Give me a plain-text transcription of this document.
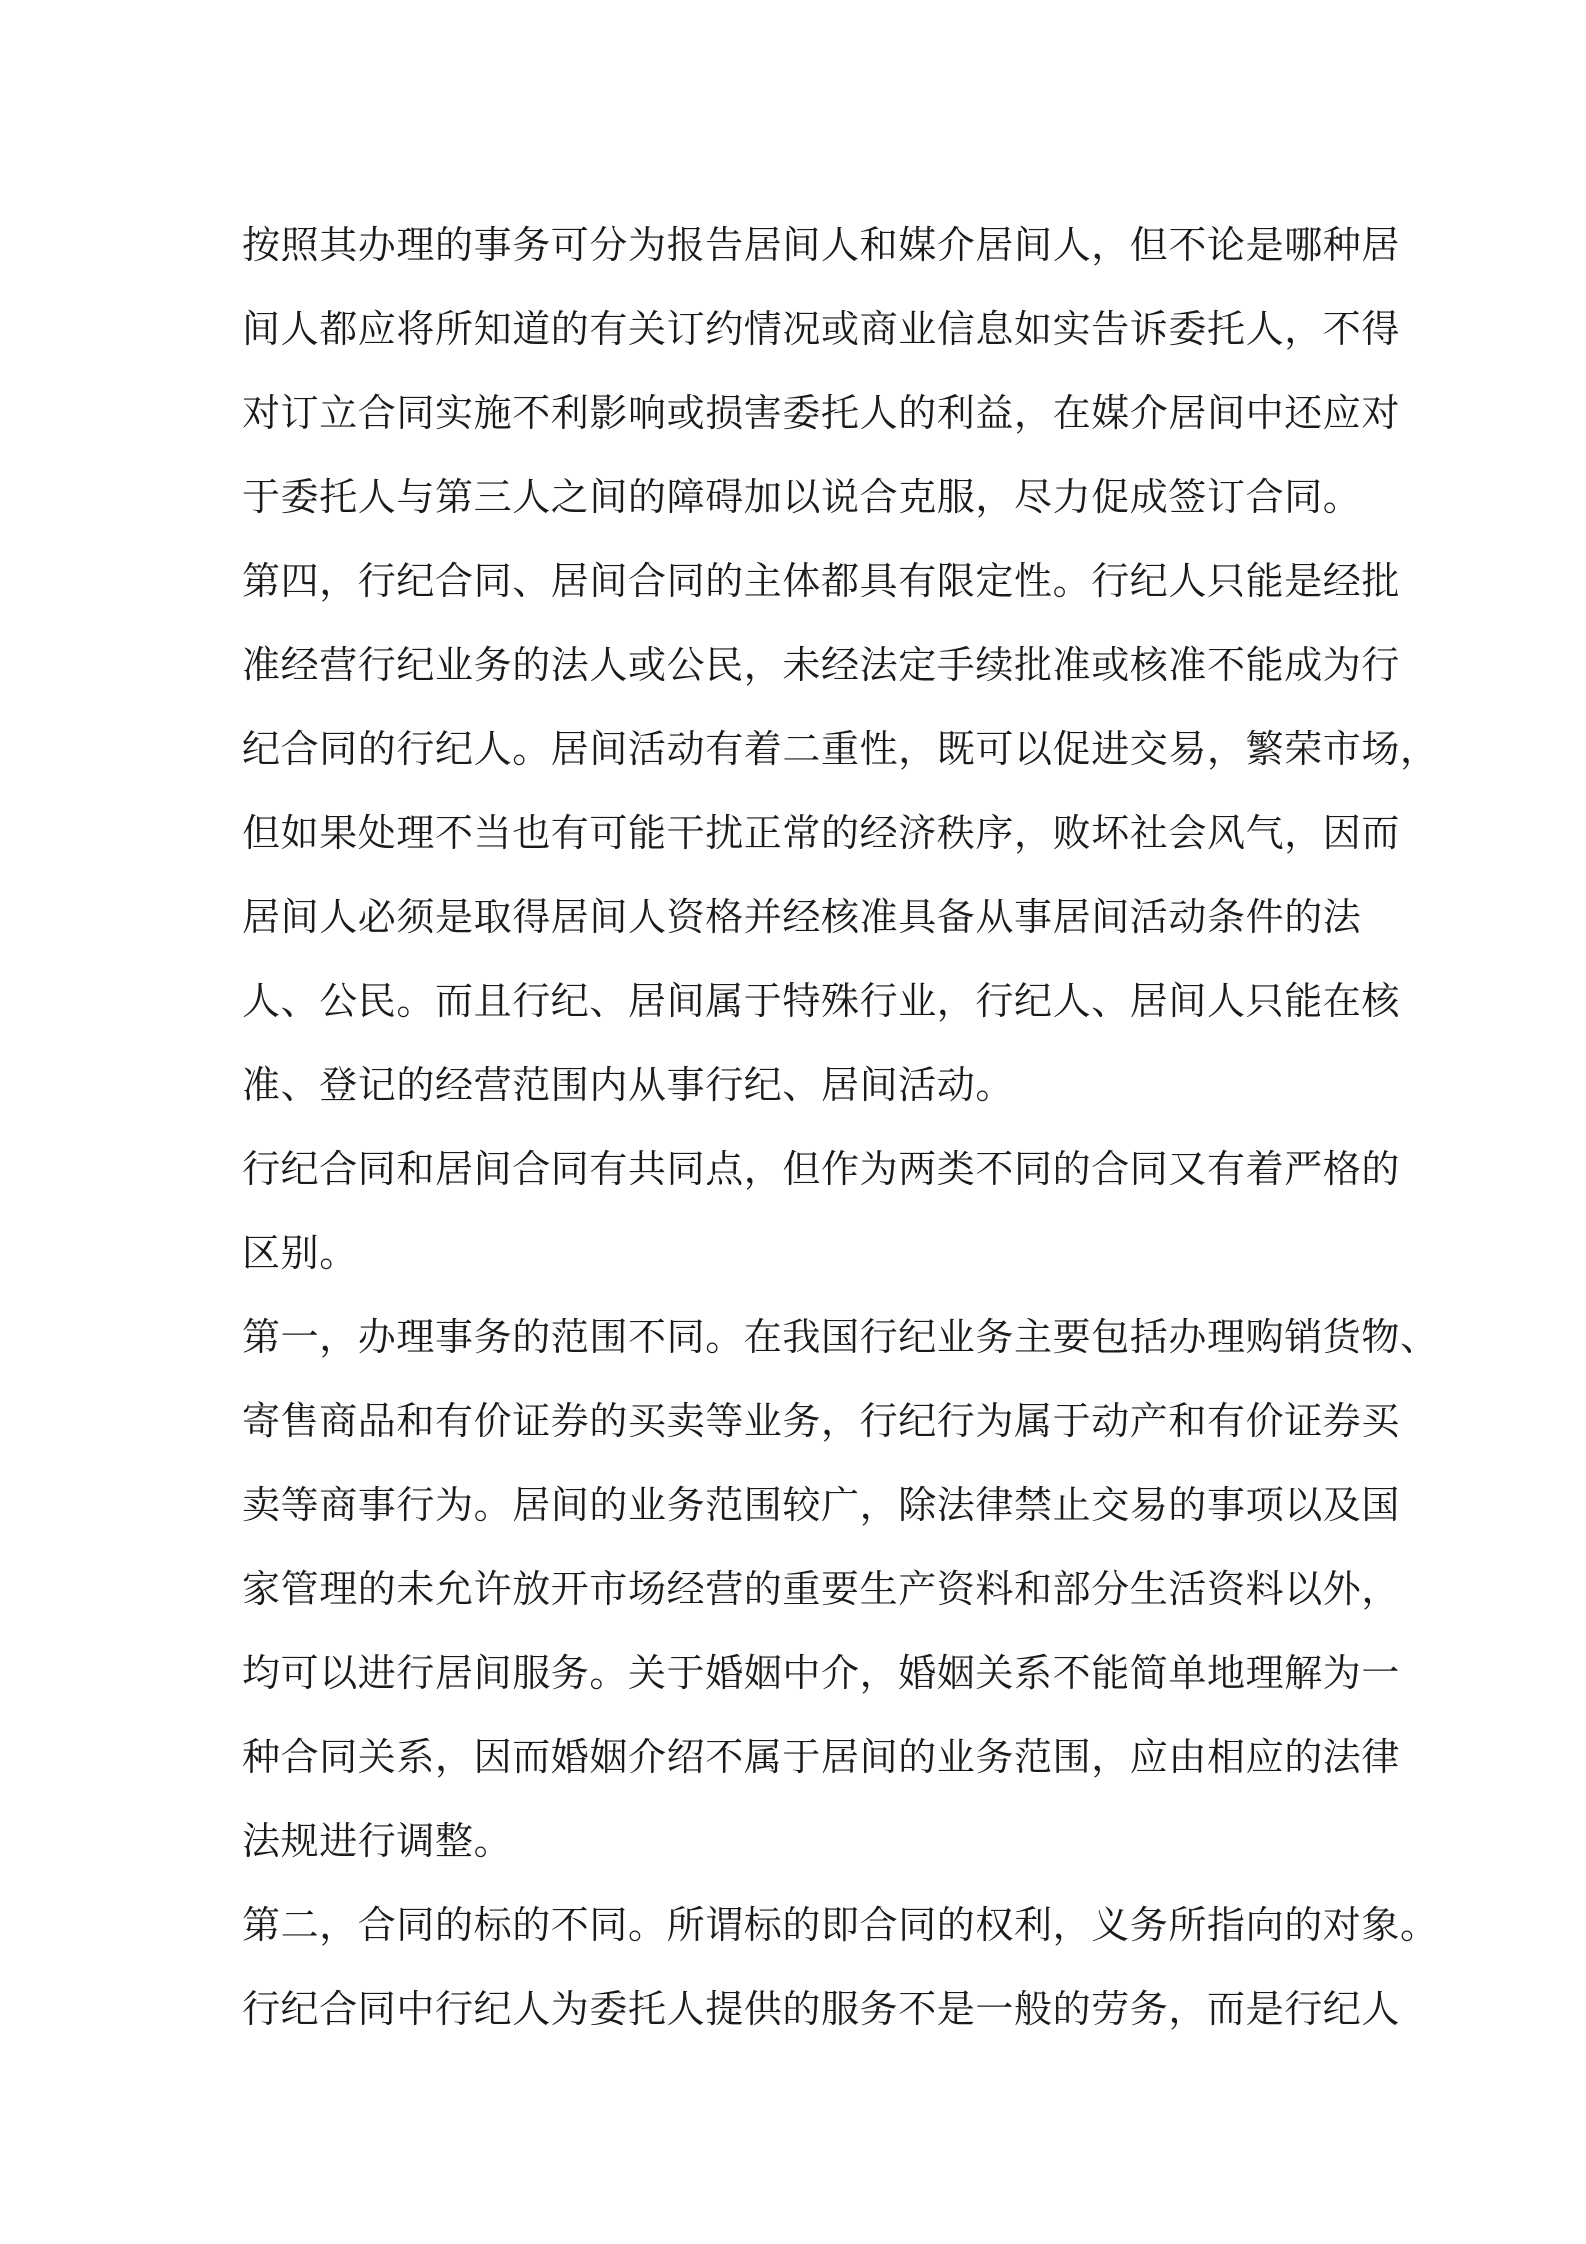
按照其办理的事务可分为报告居间人和媒介居间人，但不论是哪种居
间人都应将所知道的有关订约情况或商业信息如实告诉委托人，不得
对订立合同实施不利影响或损害委托人的利益，在媒介居间中还应对
于委托人与第三人之间的障碍加以说合克服，尽力促成签订合同。
第四，行纪合同、居间合同的主体都具有限定性。行纪人只能是经批
准经营行纪业务的法人或公民，未经法定手续批准或核准不能成为行
纪合同的行纪人。居间活动有着二重性，既可以促进交易，繁荣市场，
但如果处理不当也有可能干扰正常的经济秩序，败坏社会风气，因而
居间人必须是取得居间人资格并经核准具备从事居间活动条件的法
人、公民。而且行纪、居间属于特殊行业，行纪人、居间人只能在核
准、登记的经营范围内从事行纪、居间活动。
行纪合同和居间合同有共同点，但作为两类不同的合同又有着严格的
区别。
第一，办理事务的范围不同。在我国行纪业务主要包括办理购销货物、
寄售商品和有价证券的买卖等业务，行纪行为属于动产和有价证券买
卖等商事行为。居间的业务范围较广，除法律禁止交易的事项以及国
家管理的未允许放开市场经营的重要生产资料和部分生活资料以外，
均可以进行居间服务。关于婚姻中介，婚姻关系不能简单地理解为一
种合同关系，因而婚姻介绍不属于居间的业务范围，应由相应的法律
法规进行调整。
第二，合同的标的不同。所谓标的即合同的权利，义务所指向的对象。
行纪合同中行纪人为委托人提供的服务不是一般的劳务，而是行纪人
